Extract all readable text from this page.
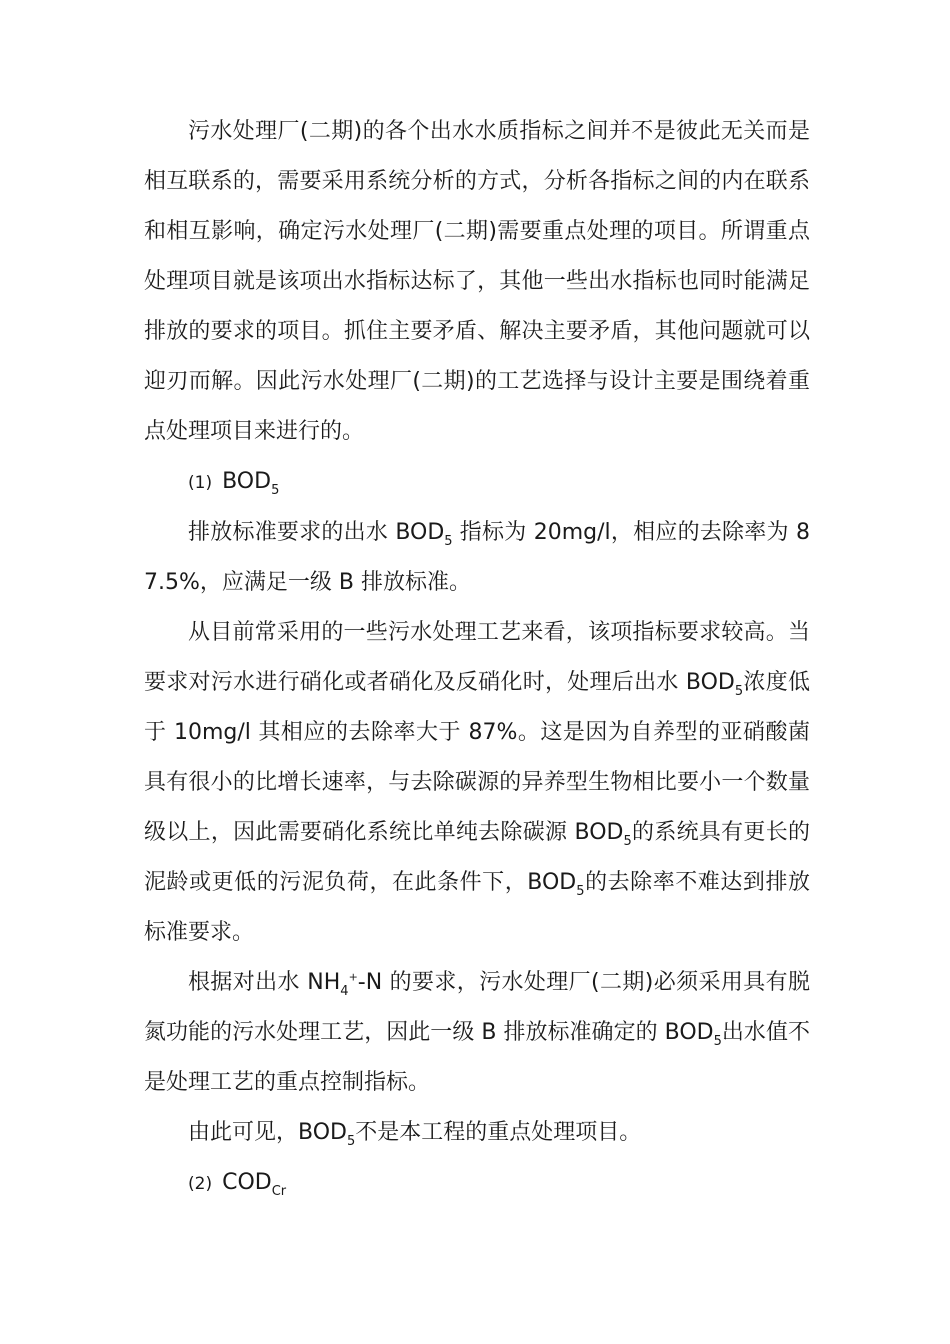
污水处理厂(二期)的各个出水水质指标之间并不是彼此无关而是相互联系的，需要采用系统分析的方式，分析各指标之间的内在联系和相互影响，确定污水处理厂(二期)需要重点处理的项目。所谓重点处理项目就是该项出水指标达标了，其他一些出水指标也同时能满足排放的要求的项目。抓住主要矛盾、解决主要矛盾，其他问题就可以迎刃而解。因此污水处理厂(二期)的工艺选择与设计主要是围绕着重点处理项目来进行的。

(1) $BOD_5$

排放标准要求的出水 $BOD_5$ 指标为 20mg/l，相应的去除率为 87.5%，应满足一级 B 排放标准。

从目前常采用的一些污水处理工艺来看，该项指标要求较高。当要求对污水进行硝化或者硝化及反硝化时，处理后出水 $BOD_5$浓度低于 10mg/l 其相应的去除率大于 87%。这是因为自养型的亚硝酸菌具有很小的比增长速率，与去除碳源的异养型生物相比要小一个数量级以上，因此需要硝化系统比单纯去除碳源 $BOD_5$的系统具有更长的泥龄或更低的污泥负荷，在此条件下，$BOD_5$的去除率不难达到排放标准要求。

根据对出水 $NH_4^+-N$ 的要求，污水处理厂(二期)必须采用具有脱氮功能的污水处理工艺，因此一级 B 排放标准确定的 $BOD_5$出水值不是处理工艺的重点控制指标。

由此可见，$BOD_5$不是本工程的重点处理项目。

(2) $COD_{Cr}$
